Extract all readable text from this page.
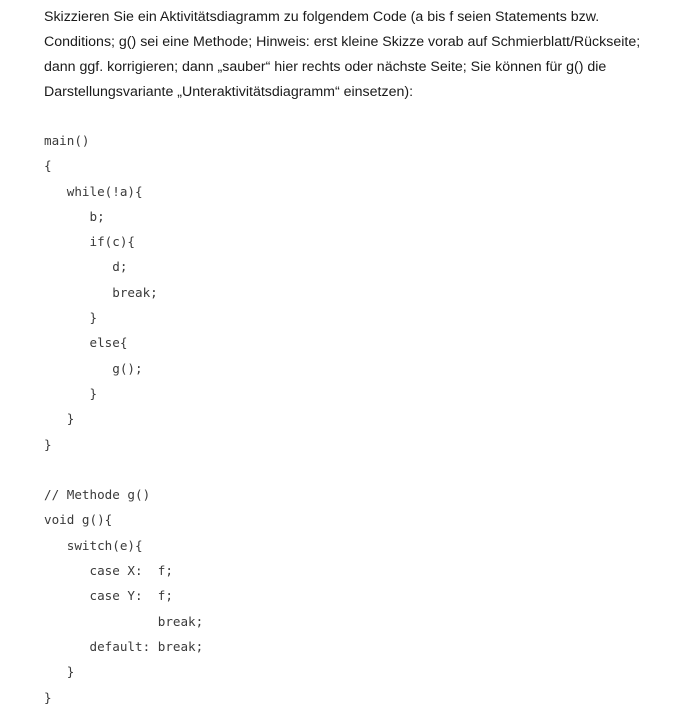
Skizzieren Sie ein Aktivitätsdiagramm zu folgendem Code (a bis f seien Statements bzw.
Conditions; g() sei eine Methode; Hinweis: erst kleine Skizze vorab auf Schmierblatt/Rückseite;
dann ggf. korrigieren; dann „sauber“ hier rechts oder nächste Seite; Sie können für g() die
Darstellungsvariante „Unteraktivitätsdiagramm“ einsetzen):

main()
{
while(!a){
b;
if(c){
d;
break;
}
else{
g();
}
}
}
// Methode g()
void g(){
switch(e){
case X:  f;
case Y:  f;
break;
default: break;
}
}
